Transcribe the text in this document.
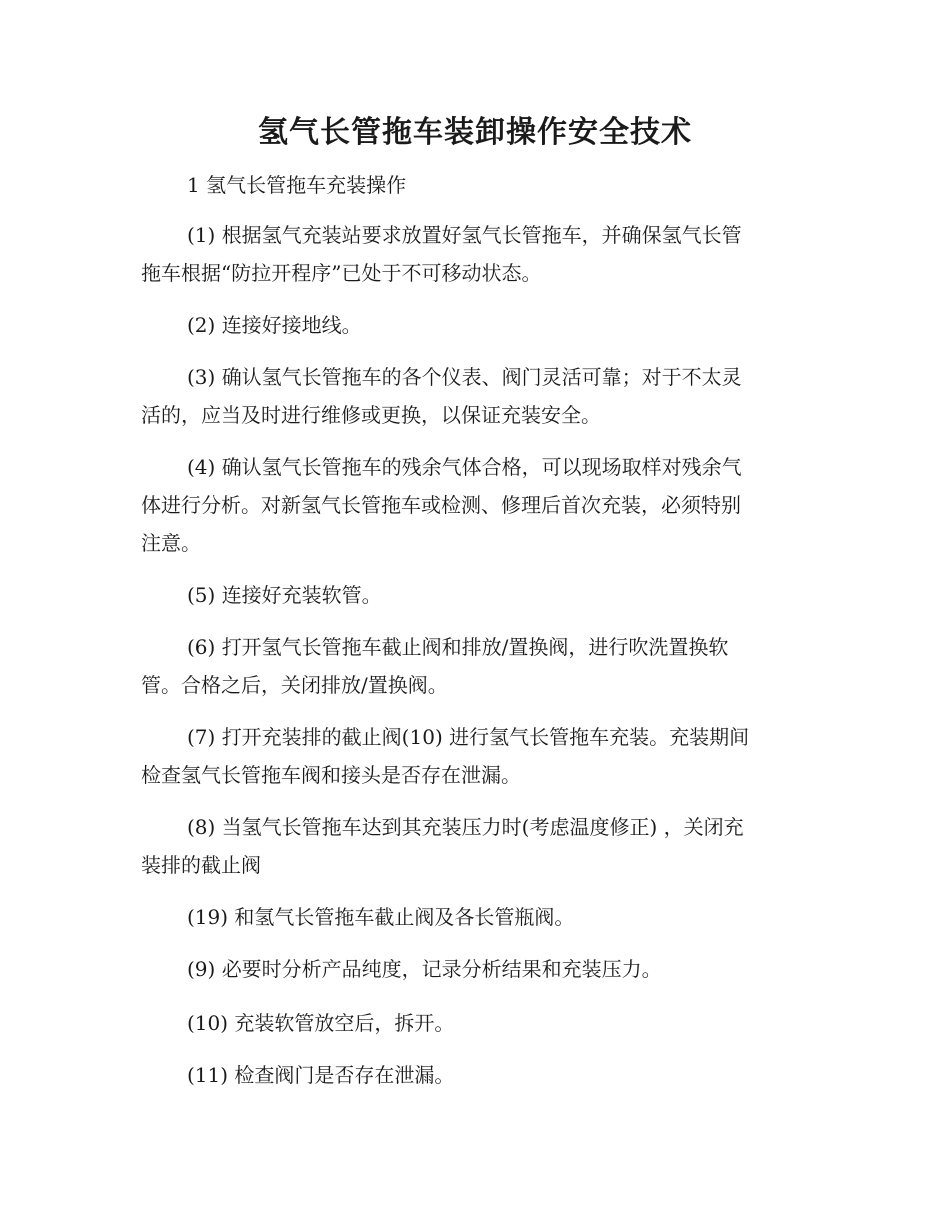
氢气长管拖车装卸操作安全技术

1 氢气长管拖车充装操作

(1) 根据氢气充装站要求放置好氢气长管拖车，并确保氢气长管
拖车根据“防拉开程序”已处于不可移动状态。

(2) 连接好接地线。

(3) 确认氢气长管拖车的各个仪表、阀门灵活可靠；对于不太灵
活的，应当及时进行维修或更换，以保证充装安全。

(4) 确认氢气长管拖车的残余气体合格，可以现场取样对残余气
体进行分析。对新氢气长管拖车或检测、修理后首次充装，必须特别
注意。

(5) 连接好充装软管。

(6) 打开氢气长管拖车截止阀和排放/置换阀，进行吹洗置换软
管。合格之后，关闭排放/置换阀。

(7) 打开充装排的截止阀(10) 进行氢气长管拖车充装。充装期间
检查氢气长管拖车阀和接头是否存在泄漏。

(8) 当氢气长管拖车达到其充装压力时(考虑温度修正) ，关闭充
装排的截止阀

(19) 和氢气长管拖车截止阀及各长管瓶阀。

(9) 必要时分析产品纯度，记录分析结果和充装压力。

(10) 充装软管放空后，拆开。

(11) 检查阀门是否存在泄漏。
